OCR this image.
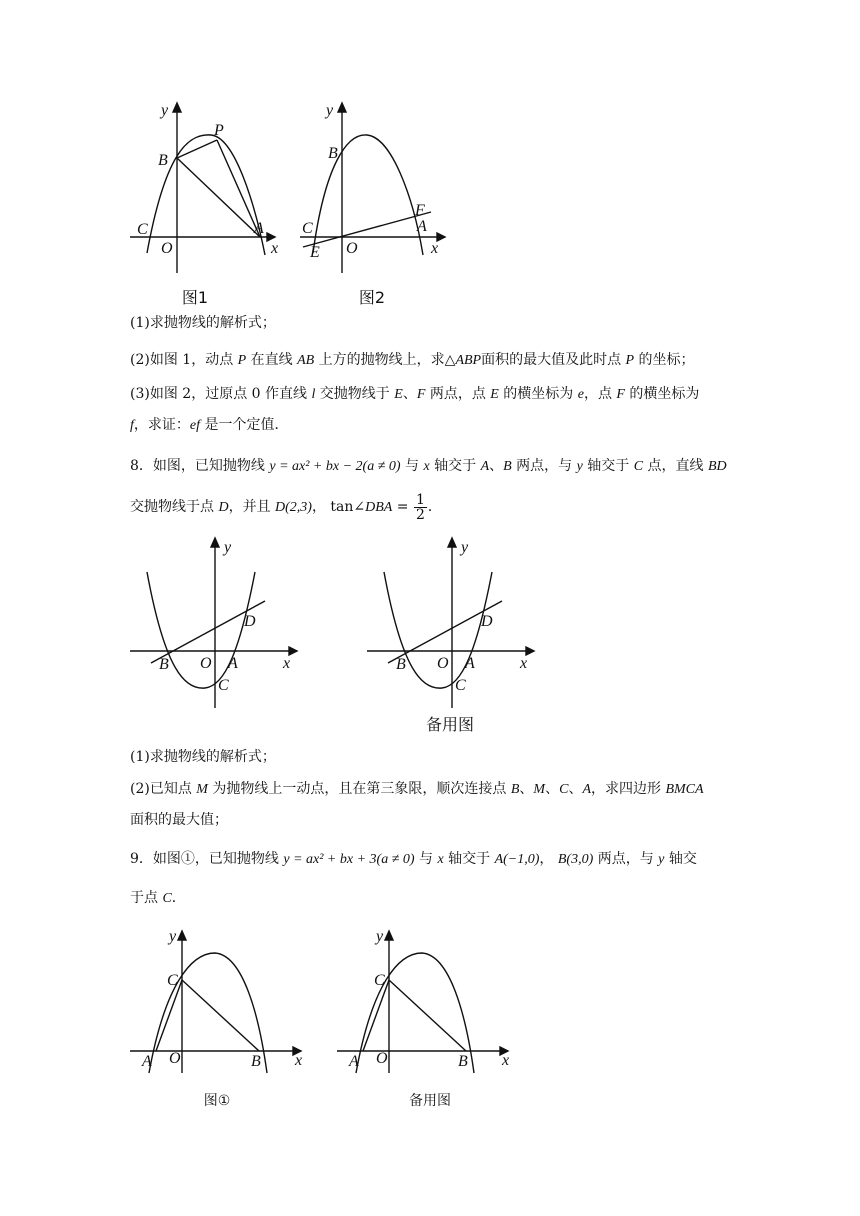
y
x
P
B
C
O
A
图1
y
x
B
C
E O
F
A
图2
(1)求抛物线的解析式；
(2)如图 1，动点 P 在直线 AB 上方的抛物线上，求△ABP面积的最大值及此时点 P 的坐标；
(3)如图 2，过原点 0 作直线 l 交抛物线于 E、F 两点，点 E 的横坐标为 e，点 F 的横坐标为
f，求证：ef 是一个定值．
8．如图，已知抛物线 y = ax² + bx − 2(a ≠ 0) 与 x 轴交于 A、B 两点，与 y 轴交于 C 点，直线 BD
交抛物线于点 D，并且 D(2,3)， tan∠DBA = $\frac{1}{2}$ ．
y
x
D
B O A
C
y
x
D
B O A
C
备用图
(1)求抛物线的解析式；
(2)已知点 M 为抛物线上一动点，且在第三象限，顺次连接点 B、M、C、A，求四边形 BMCA
面积的最大值；
9．如图①，已知抛物线 y = ax² + bx + 3(a ≠ 0) 与 x 轴交于 A(−1,0)， B(3,0) 两点，与 y 轴交
于点 C．
y
x
C
A O	B
图①
y
x
C
A O	B
备用图
